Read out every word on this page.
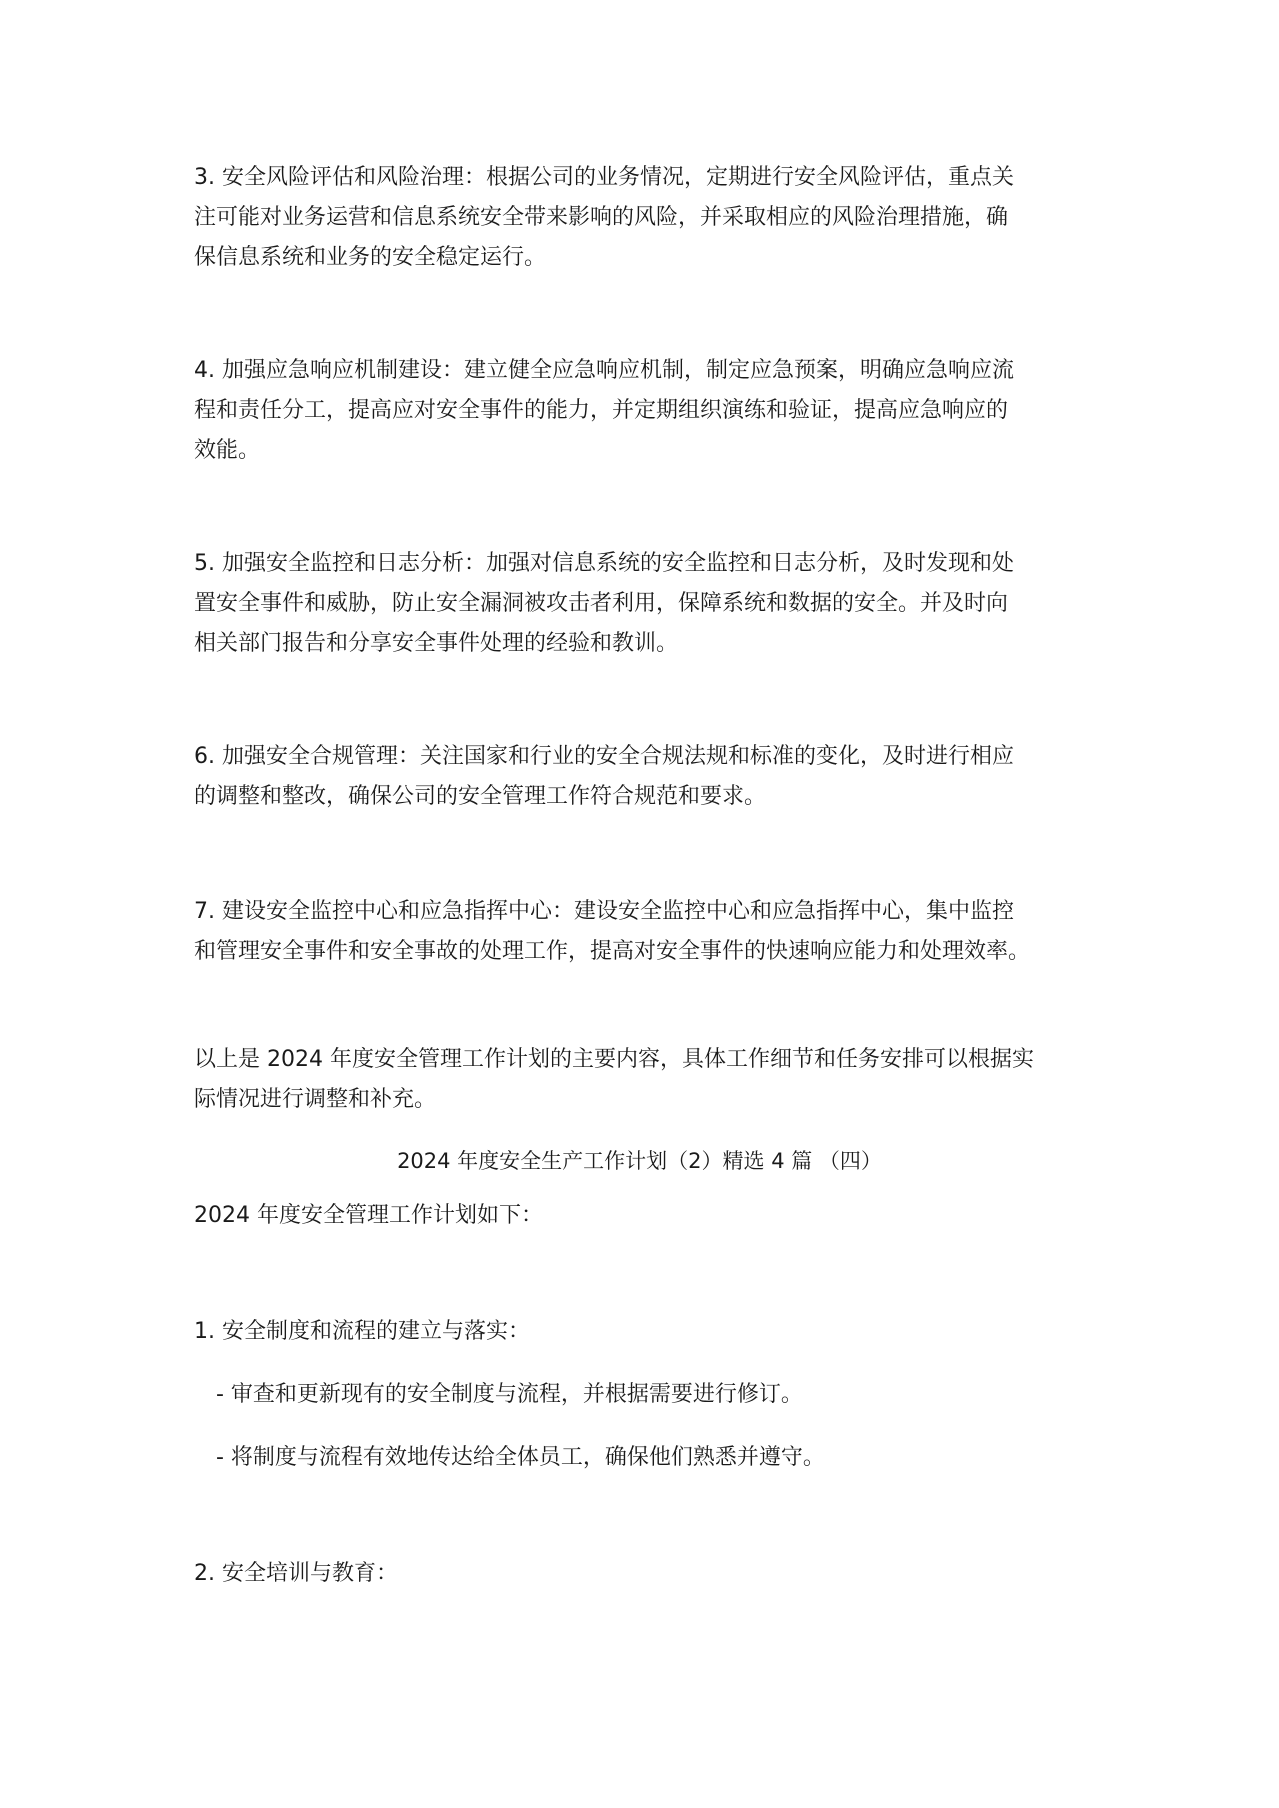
3. 安全风险评估和风险治理：根据公司的业务情况，定期进行安全风险评估，重点关
注可能对业务运营和信息系统安全带来影响的风险，并采取相应的风险治理措施，确
保信息系统和业务的安全稳定运行。

4. 加强应急响应机制建设：建立健全应急响应机制，制定应急预案，明确应急响应流
程和责任分工，提高应对安全事件的能力，并定期组织演练和验证，提高应急响应的
效能。

5. 加强安全监控和日志分析：加强对信息系统的安全监控和日志分析，及时发现和处
置安全事件和威胁，防止安全漏洞被攻击者利用，保障系统和数据的安全。并及时向
相关部门报告和分享安全事件处理的经验和教训。

6. 加强安全合规管理：关注国家和行业的安全合规法规和标准的变化，及时进行相应
的调整和整改，确保公司的安全管理工作符合规范和要求。

7. 建设安全监控中心和应急指挥中心：建设安全监控中心和应急指挥中心，集中监控
和管理安全事件和安全事故的处理工作，提高对安全事件的快速响应能力和处理效率。

以上是 2024 年度安全管理工作计划的主要内容，具体工作细节和任务安排可以根据实
际情况进行调整和补充。

2024 年度安全生产工作计划（2）精选 4 篇 （四）

2024 年度安全管理工作计划如下：

1. 安全制度和流程的建立与落实：

- 审查和更新现有的安全制度与流程，并根据需要进行修订。

- 将制度与流程有效地传达给全体员工，确保他们熟悉并遵守。

2. 安全培训与教育：
